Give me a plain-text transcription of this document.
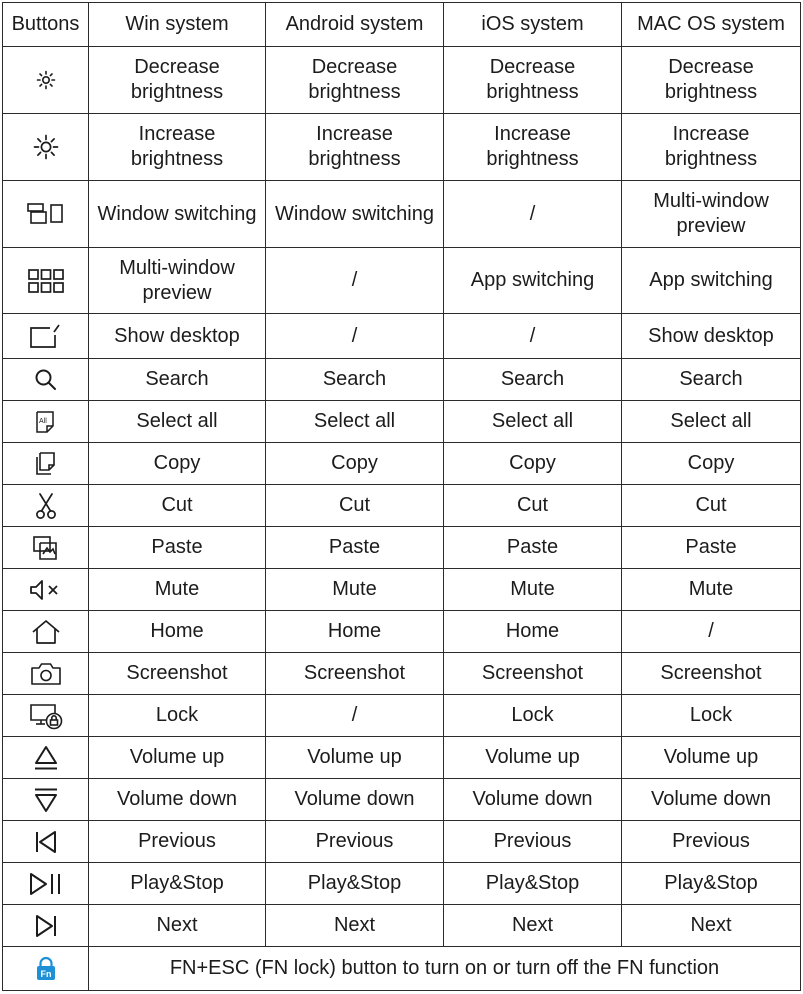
Buttons	Win system	Android system	iOS system	MAC OS system

	Decrease brightness	Decrease brightness	Decrease brightness	Decrease brightness

	Increase brightness	Increase brightness	Increase brightness	Increase brightness

	Window switching	Window switching	/	Multi-window preview

	Multi-window preview	/	App switching	App switching

	Show desktop	/	/	Show desktop

	Search	Search	Search	Search

All	Select all	Select all	Select all	Select all

	Copy	Copy	Copy	Copy

	Cut	Cut	Cut	Cut

	Paste	Paste	Paste	Paste

	Mute	Mute	Mute	Mute

	Home	Home	Home	/

	Screenshot	Screenshot	Screenshot	Screenshot

	Lock	/	Lock	Lock

	Volume up	Volume up	Volume up	Volume up

	Volume down	Volume down	Volume down	Volume down

	Previous	Previous	Previous	Previous

	Play&Stop	Play&Stop	Play&Stop	Play&Stop

	Next	Next	Next	Next

Fn	FN+ESC (FN lock) button to turn on or turn off the FN function			
